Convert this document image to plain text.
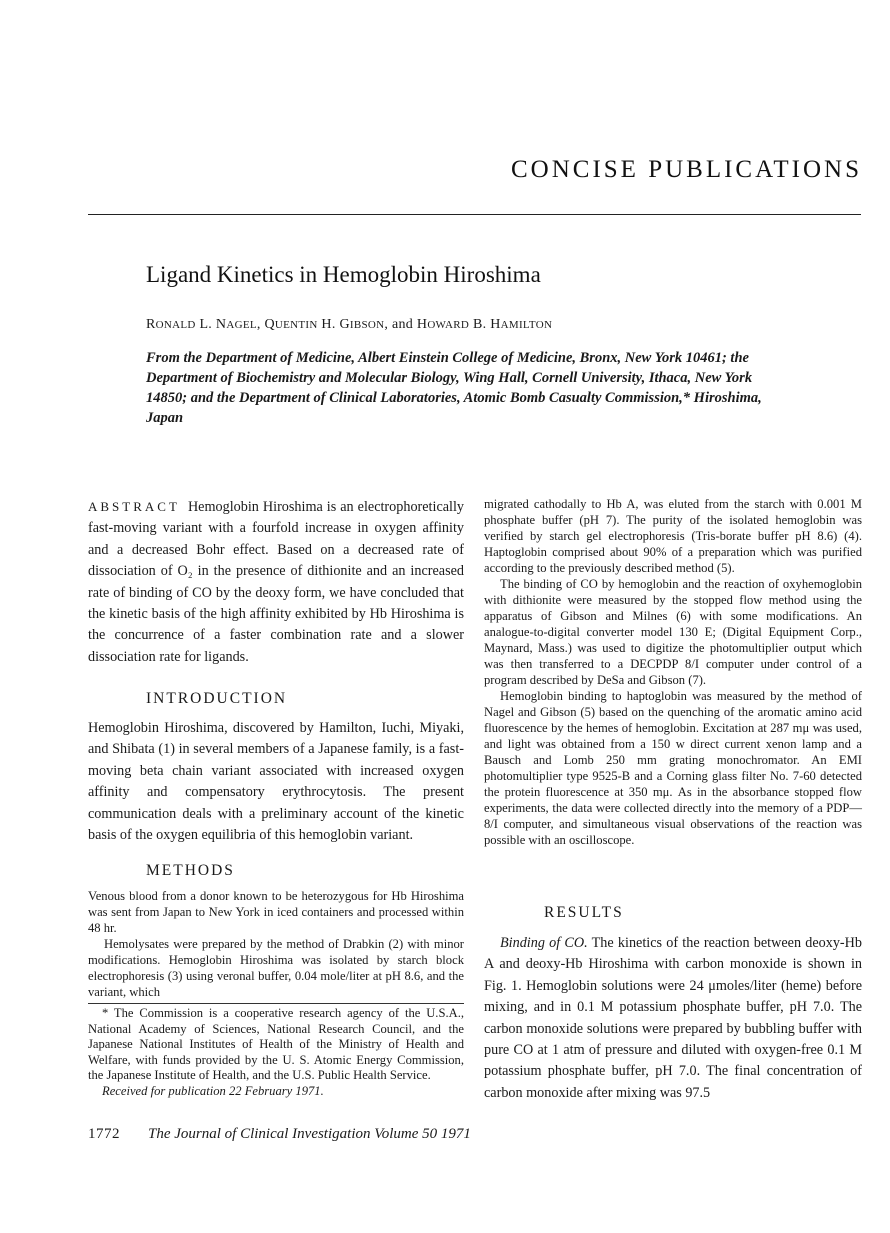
CONCISE PUBLICATIONS
Ligand Kinetics in Hemoglobin Hiroshima
RONALD L. NAGEL, QUENTIN H. GIBSON, and HOWARD B. HAMILTON
From the Department of Medicine, Albert Einstein College of Medicine, Bronx, New York 10461; the Department of Biochemistry and Molecular Biology, Wing Hall, Cornell University, Ithaca, New York 14850; and the Department of Clinical Laboratories, Atomic Bomb Casualty Commission,* Hiroshima, Japan

ABSTRACT Hemoglobin Hiroshima is an electrophoretically fast-moving variant with a fourfold increase in oxygen affinity and a decreased Bohr effect. Based on a decreased rate of dissociation of O₂ in the presence of dithionite and an increased rate of binding of CO by the deoxy form, we have concluded that the kinetic basis of the high affinity exhibited by Hb Hiroshima is the concurrence of a faster combination rate and a slower dissociation rate for ligands.

INTRODUCTION

Hemoglobin Hiroshima, discovered by Hamilton, Iuchi, Miyaki, and Shibata (1) in several members of a Japanese family, is a fast-moving beta chain variant associated with increased oxygen affinity and compensatory erythrocytosis. The present communication deals with a preliminary account of the kinetic basis of the oxygen equilibria of this hemoglobin variant.

METHODS

Venous blood from a donor known to be heterozygous for Hb Hiroshima was sent from Japan to New York in iced containers and processed within 48 hr.

Hemolysates were prepared by the method of Drabkin (2) with minor modifications. Hemoglobin Hiroshima was isolated by starch block electrophoresis (3) using veronal buffer, 0.04 mole/liter at pH 8.6, and the variant, which

* The Commission is a cooperative research agency of the U.S.A., National Academy of Sciences, National Research Council, and the Japanese National Institutes of Health of the Ministry of Health and Welfare, with funds provided by the U. S. Atomic Energy Commission, the Japanese Institute of Health, and the U.S. Public Health Service.

Received for publication 22 February 1971.

1772 The Journal of Clinical Investigation Volume 50 1971

migrated cathodally to Hb A, was eluted from the starch with 0.001 M phosphate buffer (pH 7). The purity of the isolated hemoglobin was verified by starch gel electrophoresis (Tris-borate buffer pH 8.6) (4). Haptoglobin comprised about 90% of a preparation which was purified according to the previously described method (5).

The binding of CO by hemoglobin and the reaction of oxyhemoglobin with dithionite were measured by the stopped flow method using the apparatus of Gibson and Milnes (6) with some modifications. An analogue-to-digital converter model 130 E; (Digital Equipment Corp., Maynard, Mass.) was used to digitize the photomultiplier output which was then transferred to a DECPDP 8/I computer under control of a program described by DeSa and Gibson (7).

Hemoglobin binding to haptoglobin was measured by the method of Nagel and Gibson (5) based on the quenching of the aromatic amino acid fluorescence by the hemes of hemoglobin. Excitation at 287 mμ was used, and light was obtained from a 150 w direct current xenon lamp and a Bausch and Lomb 250 mm grating monochromator. An EMI photomultiplier type 9525-B and a Corning glass filter No. 7-60 detected the protein fluorescence at 350 mμ. As in the absorbance stopped flow experiments, the data were collected directly into the memory of a PDP—8/I computer, and simultaneous visual observations of the reaction was possible with an oscilloscope.

RESULTS

Binding of CO. The kinetics of the reaction between deoxy-Hb A and deoxy-Hb Hiroshima with carbon monoxide is shown in Fig. 1. Hemoglobin solutions were 24 μmoles/liter (heme) before mixing, and in 0.1 M potassium phosphate buffer, pH 7.0. The carbon monoxide solutions were prepared by bubbling buffer with pure CO at 1 atm of pressure and diluted with oxygen-free 0.1 M potassium phosphate buffer, pH 7.0. The final concentration of carbon monoxide after mixing was 97.5
